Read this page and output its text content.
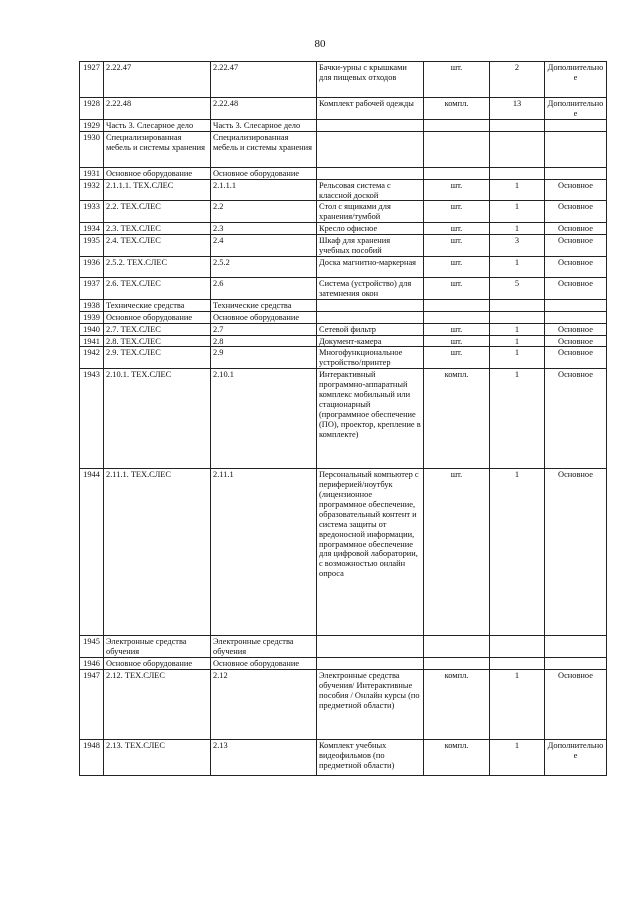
80
1927	2.22.47	2.22.47	Бачки-урны с крышками для пищевых отходов	шт.	2	Дополнительное
1928	2.22.48	2.22.48	Комплект рабочей одежды	компл.	13	Дополнительное
1929	Часть 3. Слесарное дело	Часть 3. Слесарное дело				
1930	Специализированная мебель и системы хранения	Специализированная мебель и системы хранения				
1931	Основное оборудование	Основное оборудование				
1932	2.1.1.1. ТЕХ.СЛЕС	2.1.1.1	Рельсовая система с классной доской	шт.	1	Основное
1933	2.2. ТЕХ.СЛЕС	2.2	Стол с ящиками для хранения/тумбой	шт.	1	Основное
1934	2.3. ТЕХ.СЛЕС	2.3	Кресло офисное	шт.	1	Основное
1935	2.4. ТЕХ.СЛЕС	2.4	Шкаф для хранения учебных пособий	шт.	3	Основное
1936	2.5.2. ТЕХ.СЛЕС	2.5.2	Доска магнитно-маркерная	шт.	1	Основное
1937	2.6. ТЕХ.СЛЕС	2.6	Система (устройство) для затемнения окон	шт.	5	Основное
1938	Технические средства	Технические средства				
1939	Основное оборудование	Основное оборудование				
1940	2.7. ТЕХ.СЛЕС	2.7	Сетевой фильтр	шт.	1	Основное
1941	2.8. ТЕХ.СЛЕС	2.8	Документ-камера	шт.	1	Основное
1942	2.9. ТЕХ.СЛЕС	2.9	Многофункциональное устройство/принтер	шт.	1	Основное
1943	2.10.1. ТЕХ.СЛЕС	2.10.1	Интерактивный программно-аппаратный комплекс мобильный или стационарный (программное обеспечение (ПО), проектор, крепление в комплекте)	компл.	1	Основное
1944	2.11.1. ТЕХ.СЛЕС	2.11.1	Персональный компьютер с периферией/ноутбук (лицензионное программное обеспечение, образовательный контент и система защиты от вредоносной информации, программное обеспечение для цифровой лаборатории, с возможностью онлайн опроса	шт.	1	Основное
1945	Электронные средства обучения	Электронные средства обучения				
1946	Основное оборудование	Основное оборудование				
1947	2.12. ТЕХ.СЛЕС	2.12	Электронные средства обучения/ Интерактивные пособия / Онлайн курсы (по предметной области)	компл.	1	Основное
1948	2.13. ТЕХ.СЛЕС	2.13	Комплект учебных видеофильмов (по предметной области)	компл.	1	Дополнительное
